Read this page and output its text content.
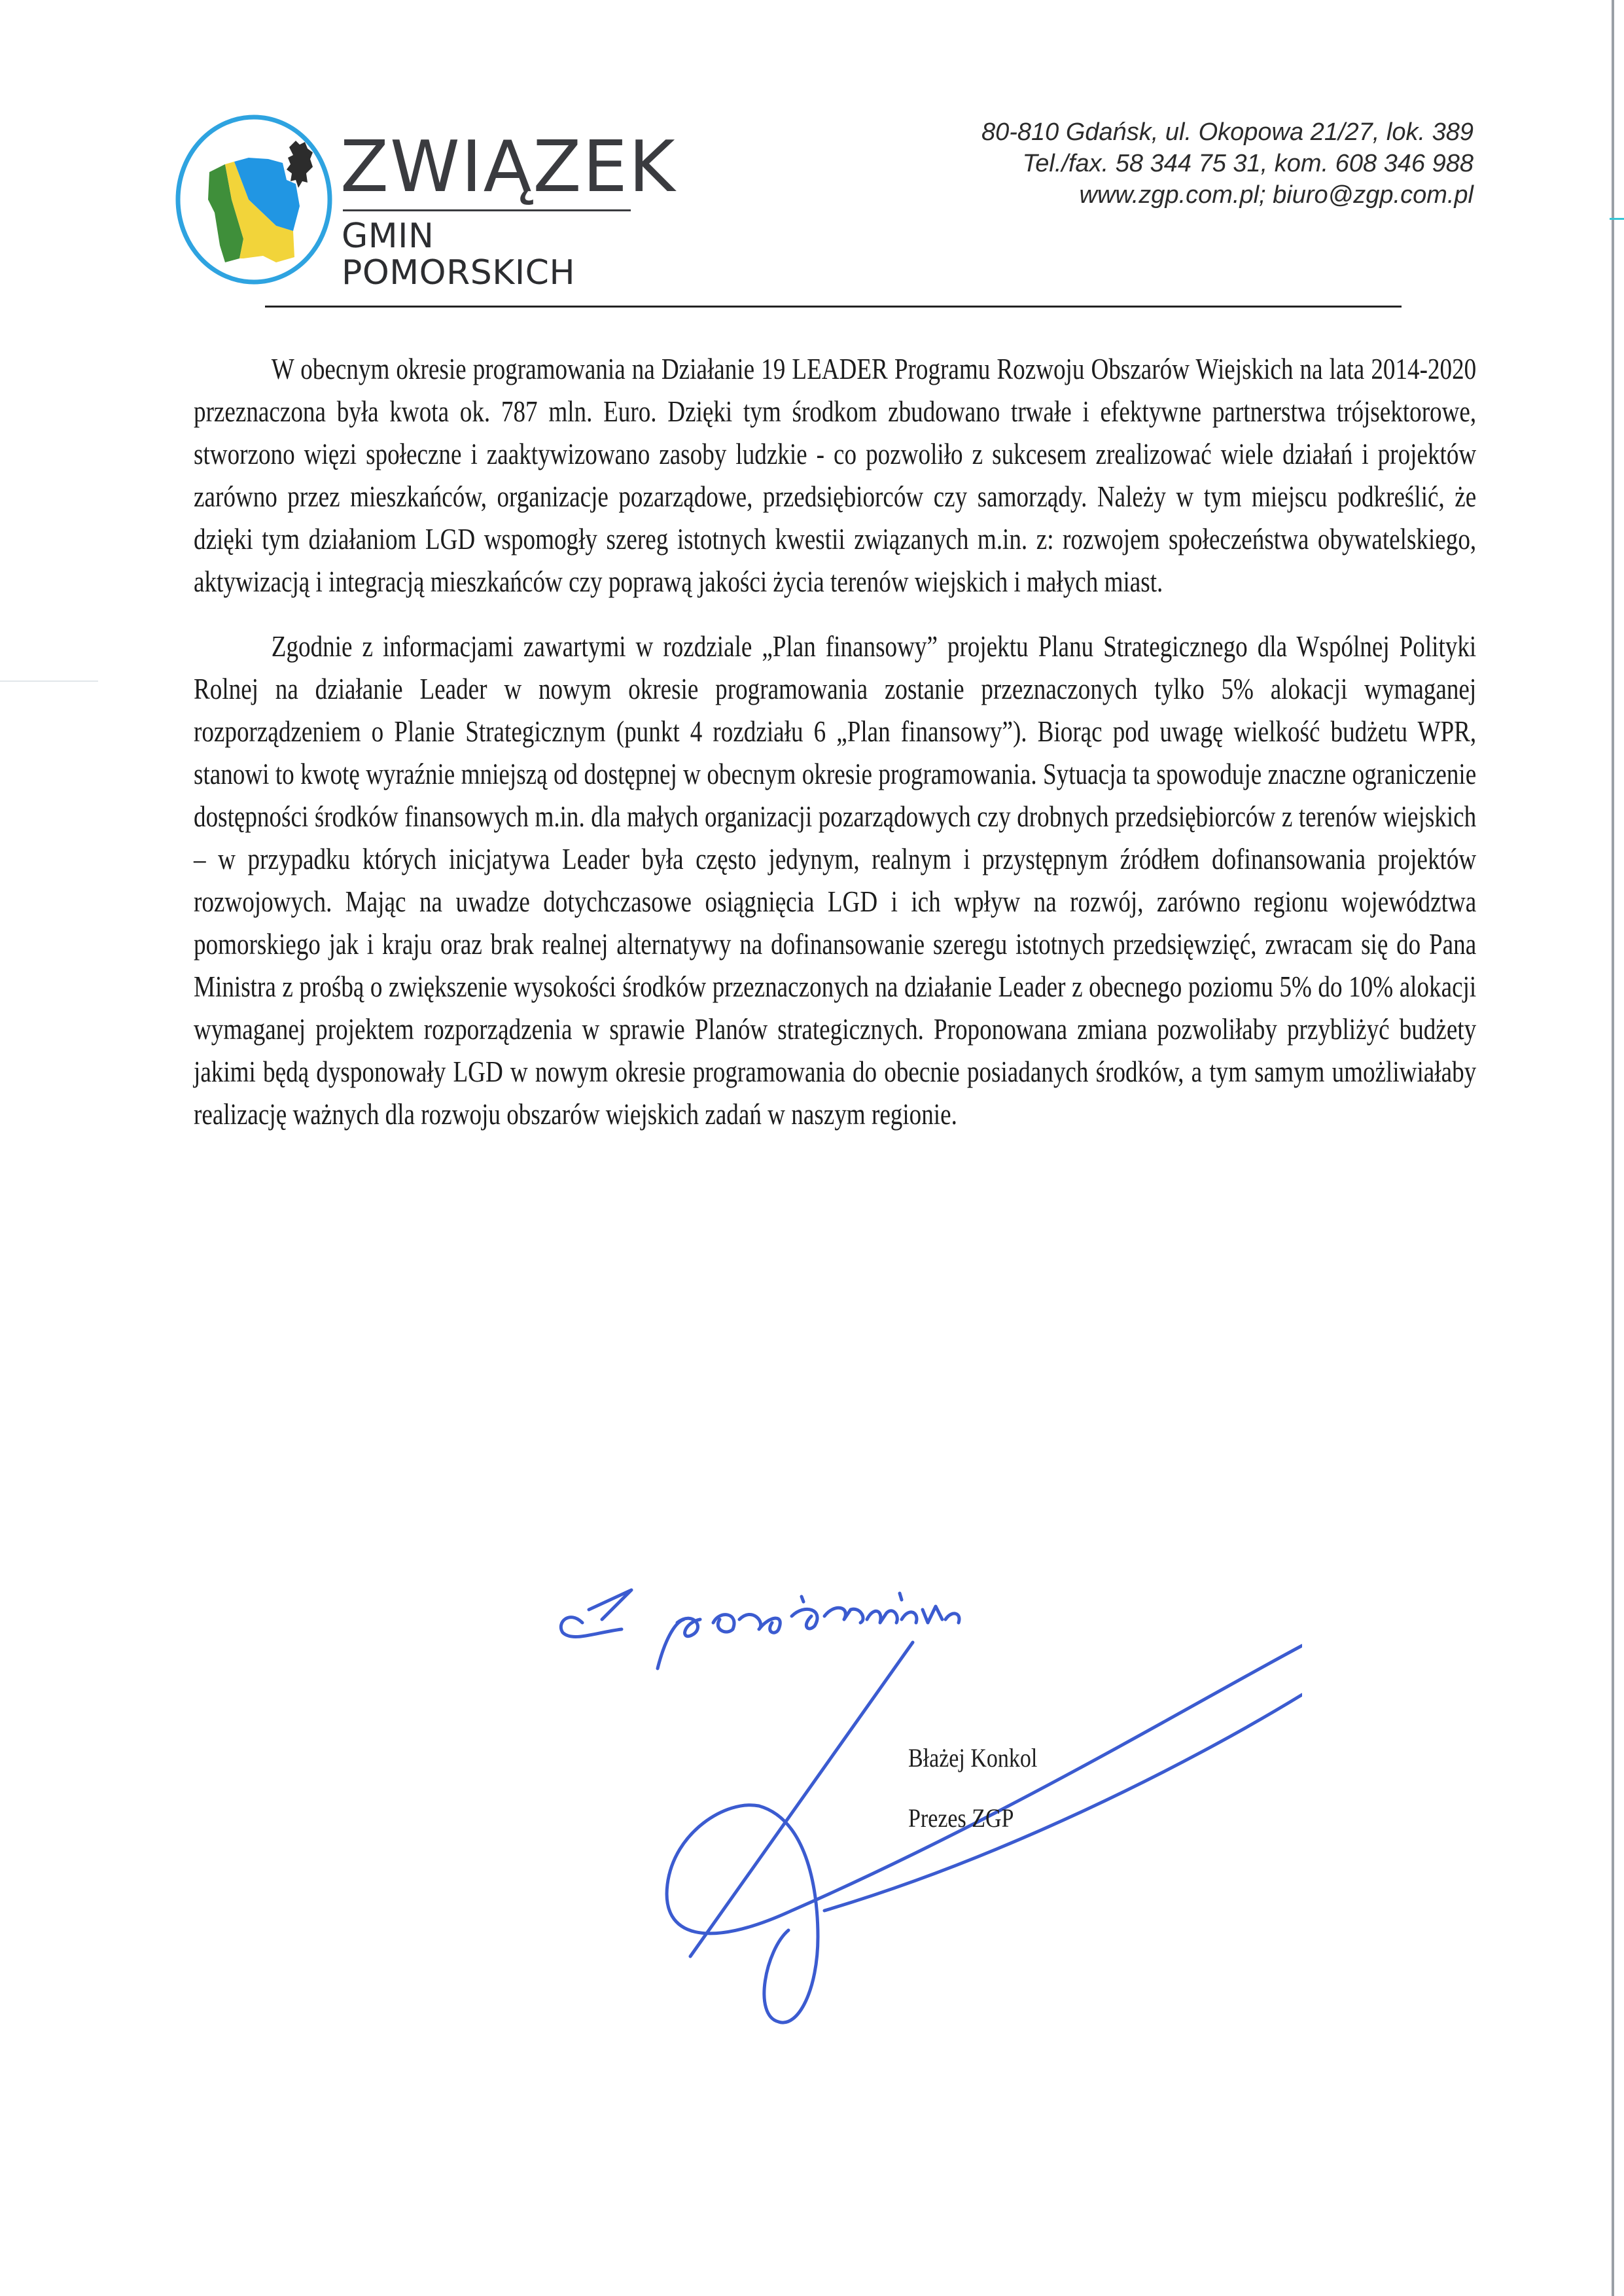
ZWIĄZEK
GMIN POMORSKICH
80-810 Gdańsk, ul. Okopowa 21/27, lok. 389
Tel./fax. 58 344 75 31, kom. 608 346 988
www.zgp.com.pl; biuro@zgp.com.pl

W obecnym okresie programowania na Działanie 19 LEADER Programu Rozwoju Obszarów Wiejskich na lata 2014-2020 przeznaczona była kwota ok. 787 mln. Euro. Dzięki tym środkom zbudowano trwałe i efektywne partnerstwa trójsektorowe, stworzono więzi społeczne i zaaktywizowano zasoby ludzkie - co pozwoliło z sukcesem zrealizować wiele działań i projektów zarówno przez mieszkańców, organizacje pozarządowe, przedsiębiorców czy samorządy. Należy w tym miejscu podkreślić, że dzięki tym działaniom LGD wspomogły szereg istotnych kwestii związanych m.in. z: rozwojem społeczeństwa obywatelskiego, aktywizacją i integracją mieszkańców czy poprawą jakości życia terenów wiejskich i małych miast.

Zgodnie z informacjami zawartymi w rozdziale „Plan finansowy” projektu Planu Strategicznego dla Wspólnej Polityki Rolnej na działanie Leader w nowym okresie programowania zostanie przeznaczonych tylko 5% alokacji wymaganej rozporządzeniem o Planie Strategicznym (punkt 4 rozdziału 6 „Plan finansowy”). Biorąc pod uwagę wielkość budżetu WPR, stanowi to kwotę wyraźnie mniejszą od dostępnej w obecnym okresie programowania. Sytuacja ta spowoduje znaczne ograniczenie dostępności środków finansowych m.in. dla małych organizacji pozarządowych czy drobnych przedsiębiorców z terenów wiejskich – w przypadku których inicjatywa Leader była często jedynym, realnym i przystępnym źródłem dofinansowania projektów rozwojowych. Mając na uwadze dotychczasowe osiągnięcia LGD i ich wpływ na rozwój, zarówno regionu województwa pomorskiego jak i kraju oraz brak realnej alternatywy na dofinansowanie szeregu istotnych przedsięwzięć, zwracam się do Pana Ministra z prośbą o zwiększenie wysokości środków przeznaczonych na działanie Leader z obecnego poziomu 5% do 10% alokacji wymaganej projektem rozporządzenia w sprawie Planów strategicznych. Proponowana zmiana pozwoliłaby przybliżyć budżety jakimi będą dysponowały LGD w nowym okresie programowania do obecnie posiadanych środków, a tym samym umożliwiałaby realizację ważnych dla rozwoju obszarów wiejskich zadań w naszym regionie.

Błażej Konkol
Prezes ZGP
